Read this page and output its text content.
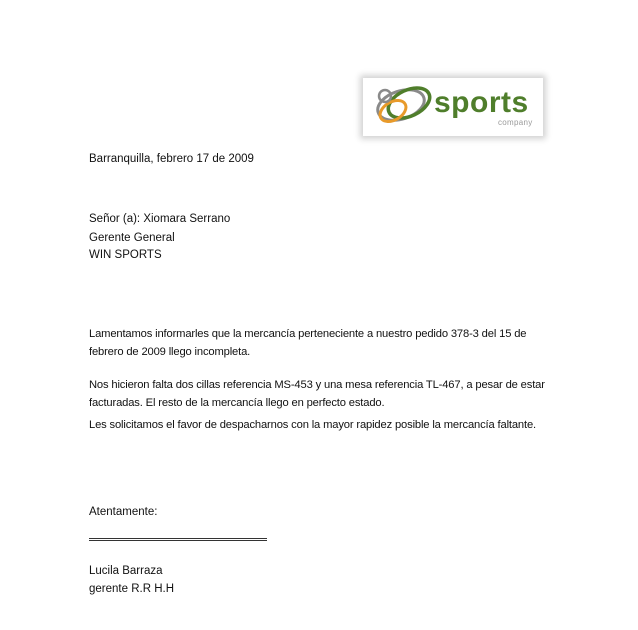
sports
company
Barranquilla, febrero 17 de 2009
Señor (a): Xiomara Serrano
Gerente General
WIN SPORTS
Lamentamos informarles que la mercancía perteneciente a nuestro pedido 378-3 del 15 de
febrero de 2009 llego incompleta.
Nos hicieron falta dos cillas referencia MS-453 y una mesa referencia TL-467, a pesar de estar
facturadas. El resto de la mercancía llego en perfecto estado.
Les solicitamos el favor de despacharnos con la mayor rapidez posible la mercancía faltante.
Atentamente:
Lucila Barraza
gerente R.R H.H
